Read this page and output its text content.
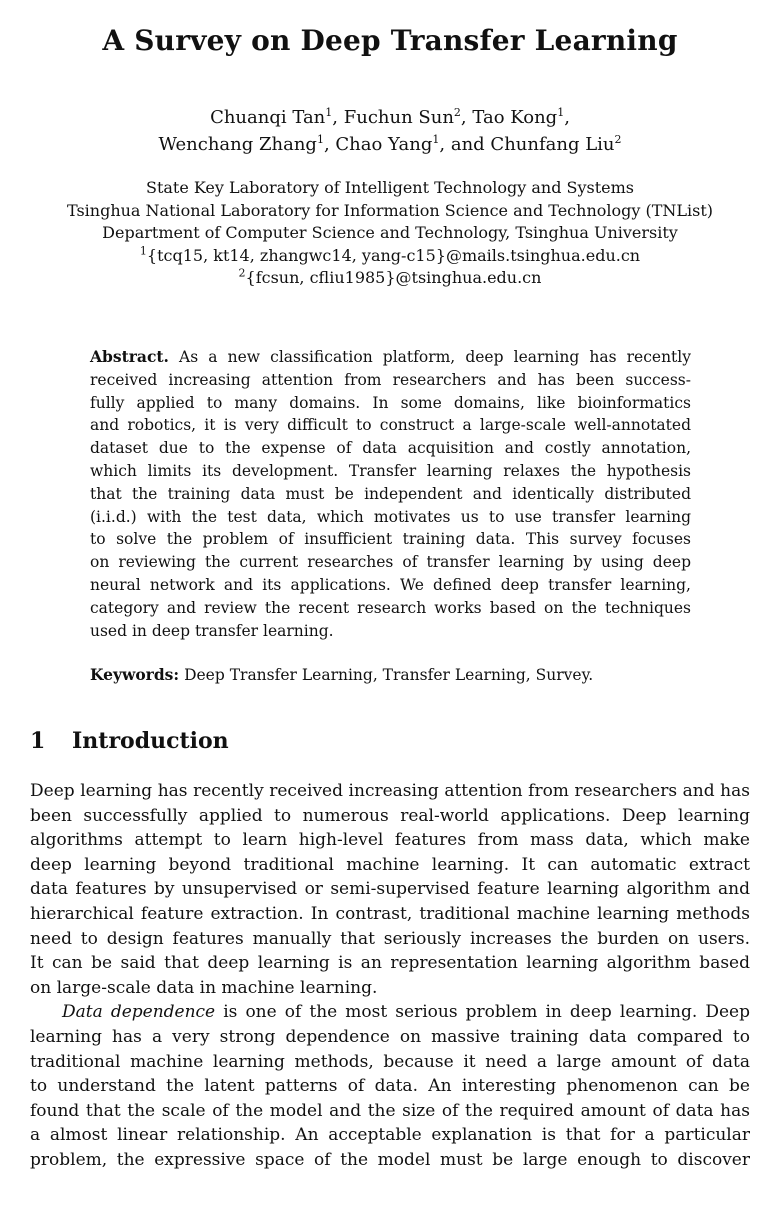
A Survey on Deep Transfer Learning
Chuanqi Tan$^1$, Fuchun Sun$^2$, Tao Kong$^1$,
Wenchang Zhang$^1$, Chao Yang$^1$, and Chunfang Liu$^2$
State Key Laboratory of Intelligent Technology and Systems
Tsinghua National Laboratory for Information Science and Technology (TNList)
Department of Computer Science and Technology, Tsinghua University
$^1${tcq15, kt14, zhangwc14, yang-c15}@mails.tsinghua.edu.cn
$^2${fcsun, cfliu1985}@tsinghua.edu.cn
Abstract. As a new classification platform, deep learning has recently
received increasing attention from researchers and has been success-
fully applied to many domains. In some domains, like bioinformatics
and robotics, it is very difficult to construct a large-scale well-annotated
dataset due to the expense of data acquisition and costly annotation,
which limits its development. Transfer learning relaxes the hypothesis
that the training data must be independent and identically distributed
(i.i.d.) with the test data, which motivates us to use transfer learning
to solve the problem of insufficient training data. This survey focuses
on reviewing the current researches of transfer learning by using deep
neural network and its applications. We defined deep transfer learning,
category and review the recent research works based on the techniques
used in deep transfer learning.
Keywords: Deep Transfer Learning, Transfer Learning, Survey.
1 Introduction
Deep learning has recently received increasing attention from researchers and has
been successfully applied to numerous real-world applications. Deep learning
algorithms attempt to learn high-level features from mass data, which make
deep learning beyond traditional machine learning. It can automatic extract
data features by unsupervised or semi-supervised feature learning algorithm and
hierarchical feature extraction. In contrast, traditional machine learning methods
need to design features manually that seriously increases the burden on users.
It can be said that deep learning is an representation learning algorithm based
on large-scale data in machine learning.
Data dependence is one of the most serious problem in deep learning. Deep
learning has a very strong dependence on massive training data compared to
traditional machine learning methods, because it need a large amount of data
to understand the latent patterns of data. An interesting phenomenon can be
found that the scale of the model and the size of the required amount of data has
a almost linear relationship. An acceptable explanation is that for a particular
problem, the expressive space of the model must be large enough to discover
